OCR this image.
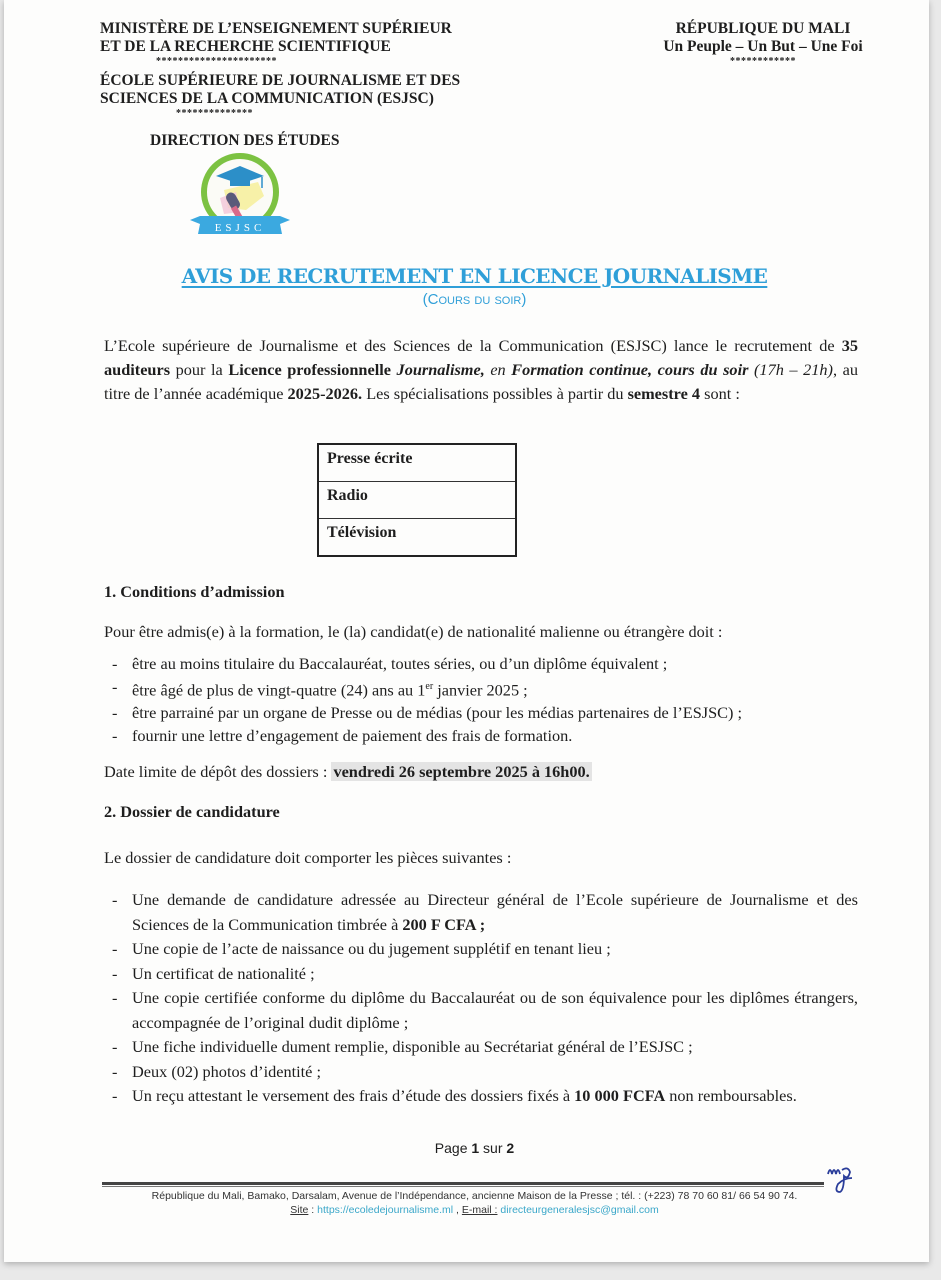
MINISTÈRE DE L’ENSEIGNEMENT SUPÉRIEUR
ET DE LA RECHERCHE SCIENTIFIQUE
**********************
ÉCOLE SUPÉRIEURE DE JOURNALISME ET DES
SCIENCES DE LA COMMUNICATION (ESJSC)
**************
RÉPUBLIQUE DU MALI
Un Peuple – Un But – Une Foi
************
DIRECTION DES ÉTUDES
ESJSC
AVIS DE RECRUTEMENT EN LICENCE JOURNALISME
(Cours du soir)
L’Ecole supérieure de Journalisme et des Sciences de la Communication (ESJSC) lance le recrutement de 35 auditeurs pour la Licence professionnelle Journalisme, en Formation continue, cours du soir (17h – 21h), au titre de l’année académique 2025-2026. Les spécialisations possibles à partir du semestre 4 sont :
Presse écrite
Radio
Télévision
1. Conditions d’admission
Pour être admis(e) à la formation, le (la) candidat(e) de nationalité malienne ou étrangère doit :
- être au moins titulaire du Baccalauréat, toutes séries, ou d’un diplôme équivalent ;
- être âgé de plus de vingt-quatre (24) ans au 1er janvier 2025 ;
- être parrainé par un organe de Presse ou de médias (pour les médias partenaires de l’ESJSC) ;
- fournir une lettre d’engagement de paiement des frais de formation.
Date limite de dépôt des dossiers : vendredi 26 septembre 2025 à 16h00.
2. Dossier de candidature
Le dossier de candidature doit comporter les pièces suivantes :
- Une demande de candidature adressée au Directeur général de l’Ecole supérieure de Journalisme et des Sciences de la Communication timbrée à 200 F CFA ;
- Une copie de l’acte de naissance ou du jugement supplétif en tenant lieu ;
- Un certificat de nationalité ;
- Une copie certifiée conforme du diplôme du Baccalauréat ou de son équivalence pour les diplômes étrangers, accompagnée de l’original dudit diplôme ;
- Une fiche individuelle dument remplie, disponible au Secrétariat général de l’ESJSC ;
- Deux (02) photos d’identité ;
- Un reçu attestant le versement des frais d’étude des dossiers fixés à 10 000 FCFA non remboursables.
Page 1 sur 2
République du Mali, Bamako, Darsalam, Avenue de l’Indépendance, ancienne Maison de la Presse ; tél. : (+223) 78 70 60 81/ 66 54 90 74.
Site : https://ecoledejournalisme.ml , E-mail : directeurgeneralesjsc@gmail.com
